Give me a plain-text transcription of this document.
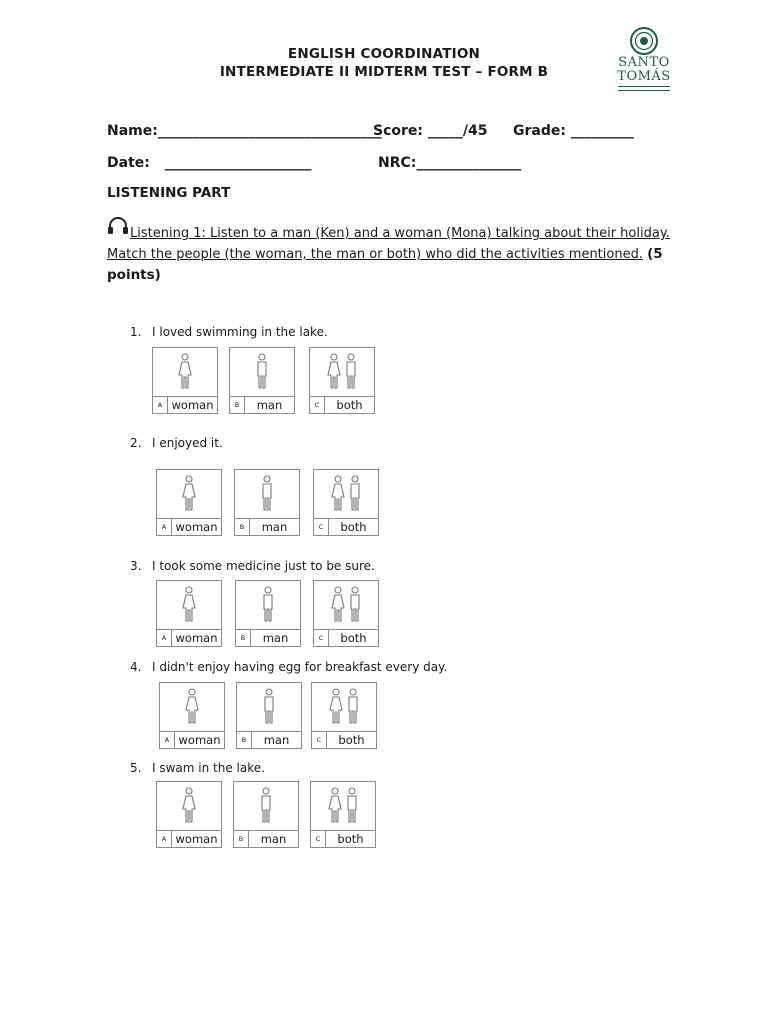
ENGLISH COORDINATION
INTERMEDIATE II MIDTERM TEST – FORM B
SANTO
TOMÁS
Name:________________________________
Score: _____/45 Grade: _________
Date:   _____________________	NRC:_______________
LISTENING PART
Listening 1: Listen to a man (Ken) and a woman (Mona) talking about their holiday.
Match the people (the woman, the man or both) who did the activities mentioned. (5 points)
1. I loved swimming in the lake.
A woman	B	man	C	both
2. I enjoyed it.
A woman	B	man	C	both
3. I took some medicine just to be sure.
A woman	B	man	C	both
4. I didn't enjoy having egg for breakfast every day.
A woman	B	man	C	both
5. I swam in the lake.
A woman	B	man	C	both
